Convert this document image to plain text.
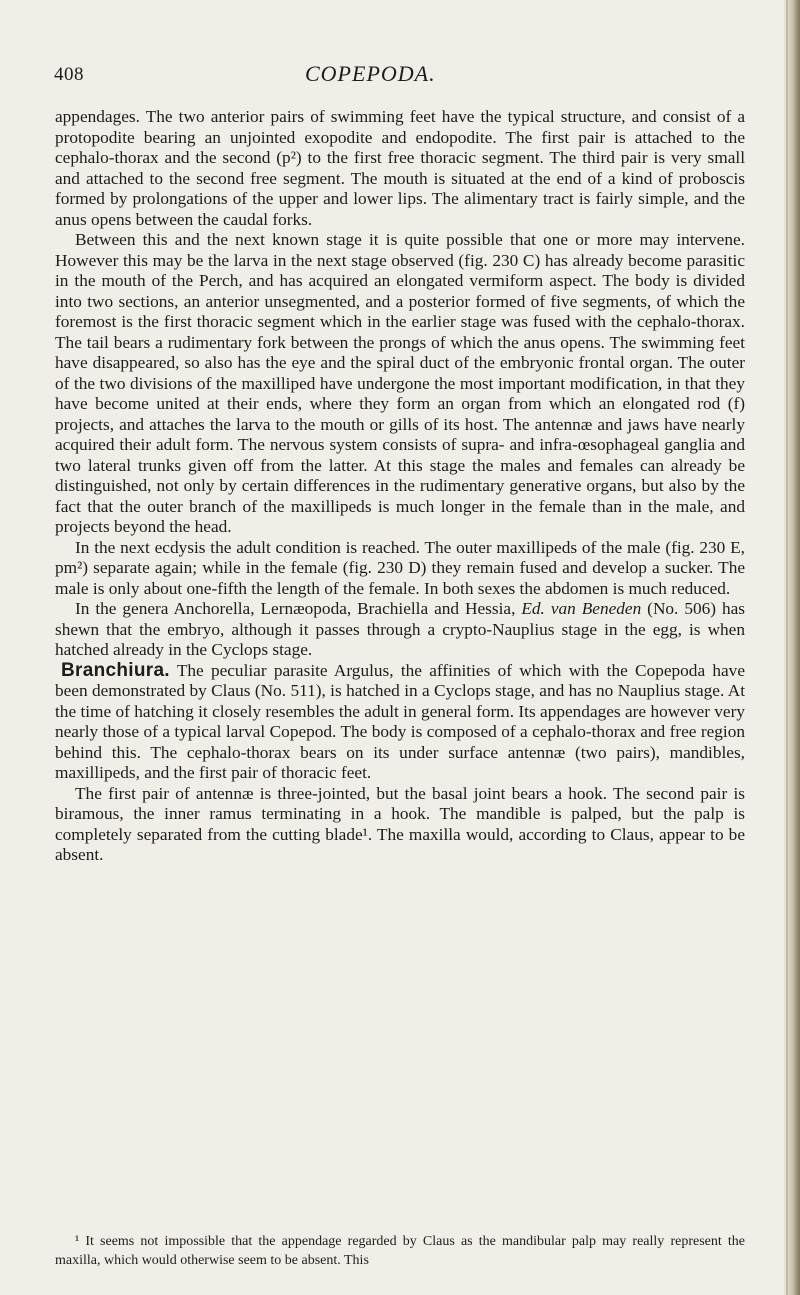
408	COPEPODA.

appendages. The two anterior pairs of swimming feet have the typical structure, and consist of a protopodite bearing an unjointed exopodite and endopodite. The first pair is attached to the cephalo-thorax and the second (p²) to the first free thoracic segment. The third pair is very small and attached to the second free segment. The mouth is situated at the end of a kind of proboscis formed by prolongations of the upper and lower lips. The alimentary tract is fairly simple, and the anus opens between the caudal forks.

Between this and the next known stage it is quite possible that one or more may intervene. However this may be the larva in the next stage observed (fig. 230 C) has already become parasitic in the mouth of the Perch, and has acquired an elongated vermiform aspect. The body is divided into two sections, an anterior unsegmented, and a posterior formed of five segments, of which the foremost is the first thoracic segment which in the earlier stage was fused with the cephalo-thorax. The tail bears a rudimentary fork between the prongs of which the anus opens. The swimming feet have disappeared, so also has the eye and the spiral duct of the embryonic frontal organ. The outer of the two divisions of the maxilliped have undergone the most important modification, in that they have become united at their ends, where they form an organ from which an elongated rod (f) projects, and attaches the larva to the mouth or gills of its host. The antennæ and jaws have nearly acquired their adult form. The nervous system consists of supra- and infra-œsophageal ganglia and two lateral trunks given off from the latter. At this stage the males and females can already be distinguished, not only by certain differences in the rudimentary generative organs, but also by the fact that the outer branch of the maxillipeds is much longer in the female than in the male, and projects beyond the head.

In the next ecdysis the adult condition is reached. The outer maxillipeds of the male (fig. 230 E, pm²) separate again; while in the female (fig. 230 D) they remain fused and develop a sucker. The male is only about one-fifth the length of the female. In both sexes the abdomen is much reduced.

In the genera Anchorella, Lernæopoda, Brachiella and Hessia, Ed. van Beneden (No. 506) has shewn that the embryo, although it passes through a crypto-Nauplius stage in the egg, is when hatched already in the Cyclops stage.

Branchiura. The peculiar parasite Argulus, the affinities of which with the Copepoda have been demonstrated by Claus (No. 511), is hatched in a Cyclops stage, and has no Nauplius stage. At the time of hatching it closely resembles the adult in general form. Its appendages are however very nearly those of a typical larval Copepod. The body is composed of a cephalo-thorax and free region behind this. The cephalo-thorax bears on its under surface antennæ (two pairs), mandibles, maxillipeds, and the first pair of thoracic feet.

The first pair of antennæ is three-jointed, but the basal joint bears a hook. The second pair is biramous, the inner ramus terminating in a hook. The mandible is palped, but the palp is completely separated from the cutting blade¹. The maxilla would, according to Claus, appear to be absent.

¹ It seems not impossible that the appendage regarded by Claus as the mandibular palp may really represent the maxilla, which would otherwise seem to be absent. This
